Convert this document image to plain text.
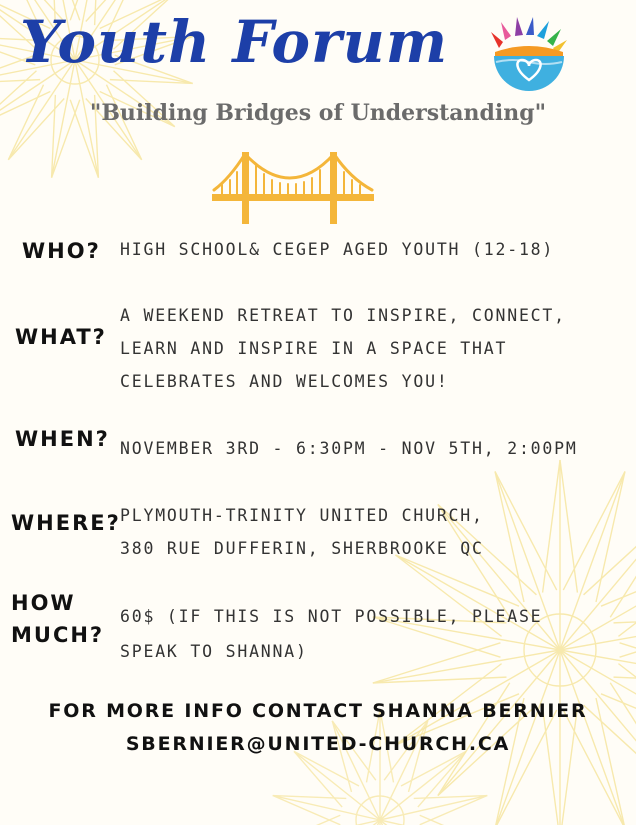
Youth Forum
"Building Bridges of Understanding"
WHO? HIGH SCHOOL& CEGEP AGED YOUTH (12-18)
WHAT?
A WEEKEND RETREAT TO INSPIRE, CONNECT,
LEARN AND INSPIRE IN A SPACE THAT
CELEBRATES AND WELCOMES YOU!
WHEN? NOVEMBER 3RD - 6:30PM - NOV 5TH, 2:00PM
WHERE? PLYMOUTH-TRINITY UNITED CHURCH,
380 RUE DUFFERIN, SHERBROOKE QC
HOW
MUCH?
60$ (IF THIS IS NOT POSSIBLE, PLEASE
SPEAK TO SHANNA)
FOR MORE INFO CONTACT SHANNA BERNIER
SBERNIER@UNITED-CHURCH.CA
